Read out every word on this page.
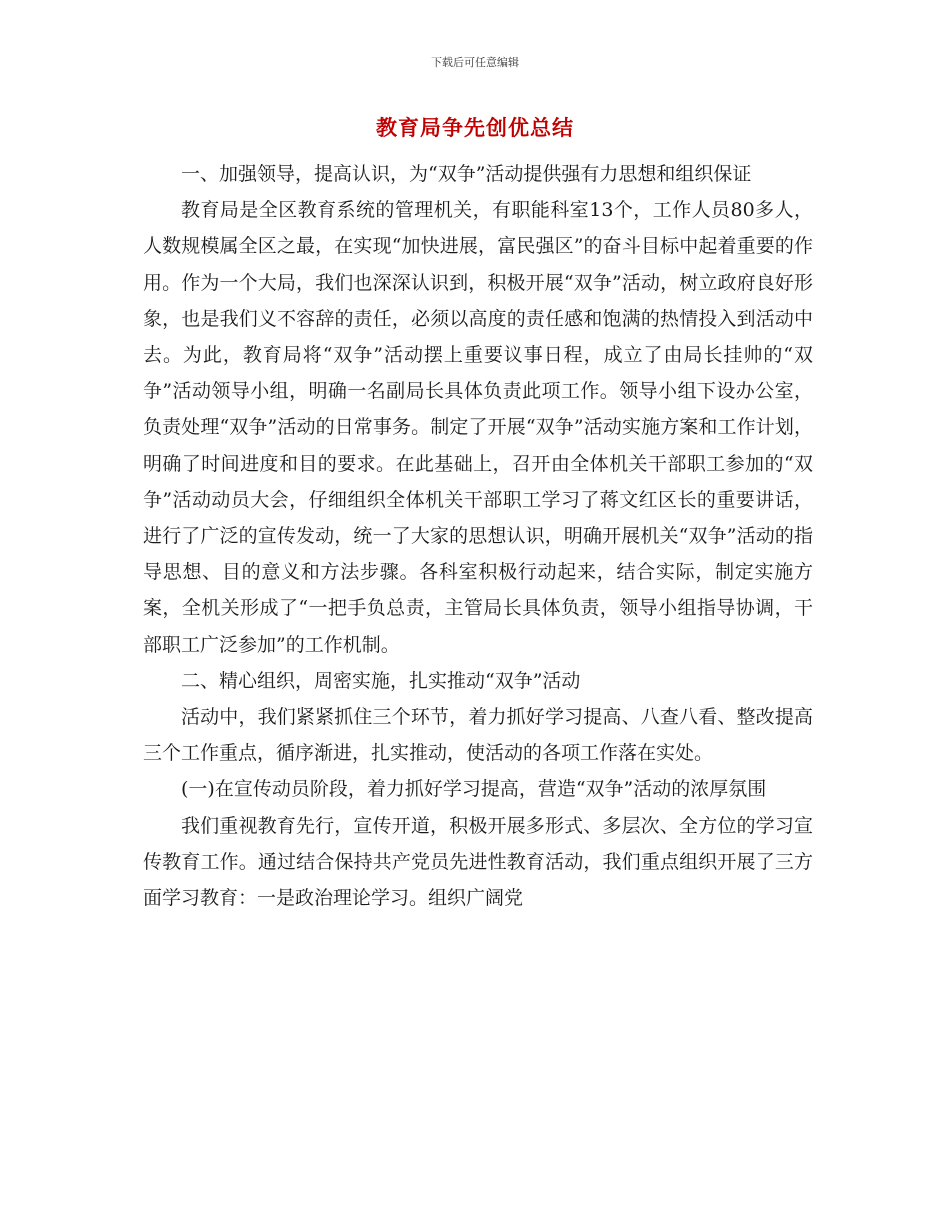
下载后可任意编辑
教育局争先创优总结

一、加强领导，提高认识，为“双争”活动提供强有力思想和组织保证

教育局是全区教育系统的管理机关，有职能科室13个，工作人员80多人，人数规模属全区之最，在实现“加快进展，富民强区”的奋斗目标中起着重要的作用。作为一个大局，我们也深深认识到，积极开展“双争”活动，树立政府良好形象，也是我们义不容辞的责任，必须以高度的责任感和饱满的热情投入到活动中去。为此，教育局将“双争”活动摆上重要议事日程，成立了由局长挂帅的“双争”活动领导小组，明确一名副局长具体负责此项工作。领导小组下设办公室，负责处理“双争”活动的日常事务。制定了开展“双争”活动实施方案和工作计划，明确了时间进度和目的要求。在此基础上，召开由全体机关干部职工参加的“双争”活动动员大会，仔细组织全体机关干部职工学习了蒋文红区长的重要讲话，进行了广泛的宣传发动，统一了大家的思想认识，明确开展机关“双争”活动的指导思想、目的意义和方法步骤。各科室积极行动起来，结合实际，制定实施方案，全机关形成了“一把手负总责，主管局长具体负责，领导小组指导协调，干部职工广泛参加”的工作机制。

二、精心组织，周密实施，扎实推动“双争”活动

活动中，我们紧紧抓住三个环节，着力抓好学习提高、八查八看、整改提高三个工作重点，循序渐进，扎实推动，使活动的各项工作落在实处。

(一)在宣传动员阶段，着力抓好学习提高，营造“双争”活动的浓厚氛围

我们重视教育先行，宣传开道，积极开展多形式、多层次、全方位的学习宣传教育工作。通过结合保持共产党员先进性教育活动，我们重点组织开展了三方面学习教育：一是政治理论学习。组织广阔党
